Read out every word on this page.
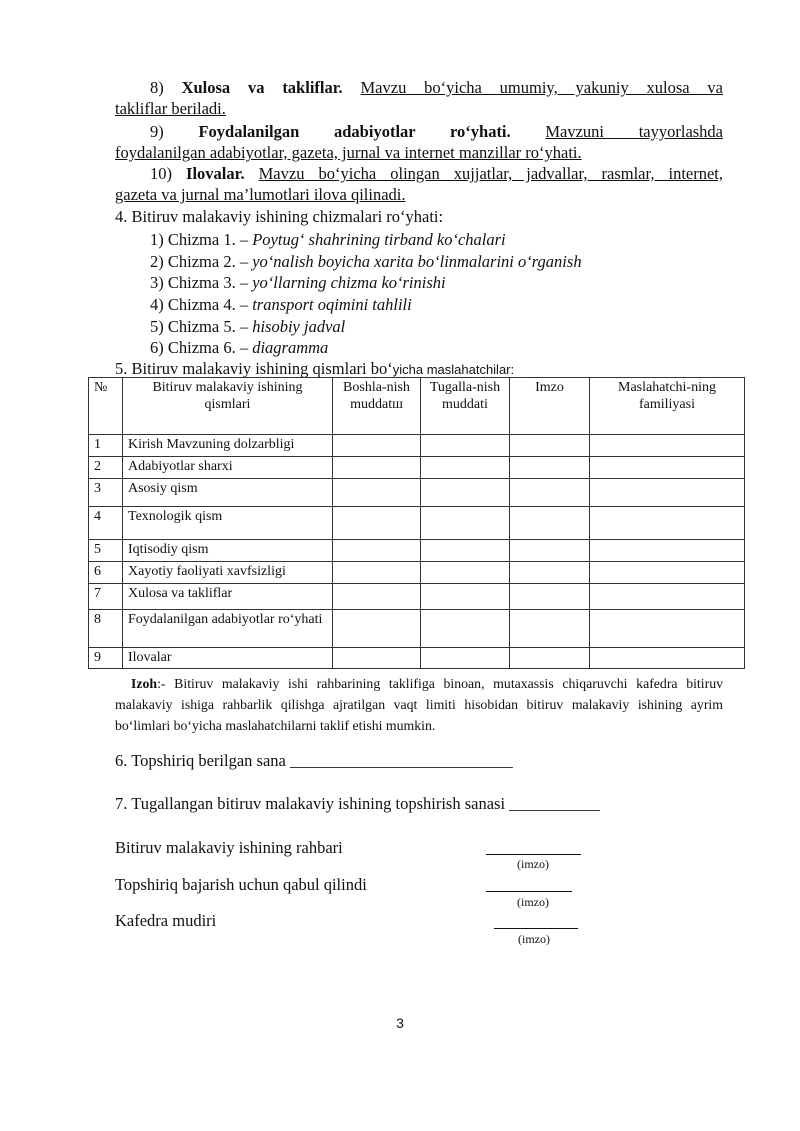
8) Xulosa va takliflar. Mavzu bo‘yicha umumiy, yakuniy xulosa va
takliflar beriladi.
9) Foydalanilgan adabiyotlar ro‘yhati. Mavzuni tayyorlashda
foydalanilgan adabiyotlar, gazeta, jurnal va internet manzillar ro‘yhati.
10) Ilovalar. Mavzu bo‘yicha olingan xujjatlar, jadvallar, rasmlar, internet,
gazeta va jurnal ma’lumotlari ilova qilinadi.
4. Bitiruv malakaviy ishining chizmalari ro‘yhati:
1) Chizma 1. – Poytug‘ shahrining tirband ko‘chalari
2) Chizma 2. – yo‘nalish boyicha xarita bo‘linmalarini o‘rganish
3) Chizma 3. – yo‘llarning chizma ko‘rinishi
4) Chizma 4. – transport oqimini tahlili
5) Chizma 5. – hisobiy jadval
6) Chizma 6. – diagramma
5. Bitiruv malakaviy ishining qismlari bo‘yicha maslahatchilar:
№	Bitiruv malakaviy ishining qismlari	Boshla-nish muddatш	Tugalla-nish muddati	Imzo	Maslahatchi-ning familiyasi
1	Kirish Mavzuning dolzarbligi				
2	Adabiyotlar sharxi				
3	Asosiy qism				
4	Texnologik qism				
5	Iqtisodiy qism				
6	Xayotiy faoliyati xavfsizligi				
7	Xulosa va takliflar				
8	Foydalanilgan adabiyotlar ro‘yhati				
9	Ilovalar				
Izoh:- Bitiruv malakaviy ishi rahbarining taklifiga binoan, mutaxassis chiqaruvchi kafedra bitiruv malakaviy ishiga rahbarlik qilishga ajratilgan vaqt limiti hisobidan bitiruv malakaviy ishining ayrim bo‘limlari bo‘yicha maslahatchilarni taklif etishi mumkin.
6. Topshiriq berilgan sana ___________________________
7. Tugallangan bitiruv malakaviy ishining topshirish sanasi ___________
Bitiruv malakaviy ishining rahbari
(imzo)
Topshiriq bajarish uchun qabul qilindi
(imzo)
Kafedra mudiri
(imzo)
3
